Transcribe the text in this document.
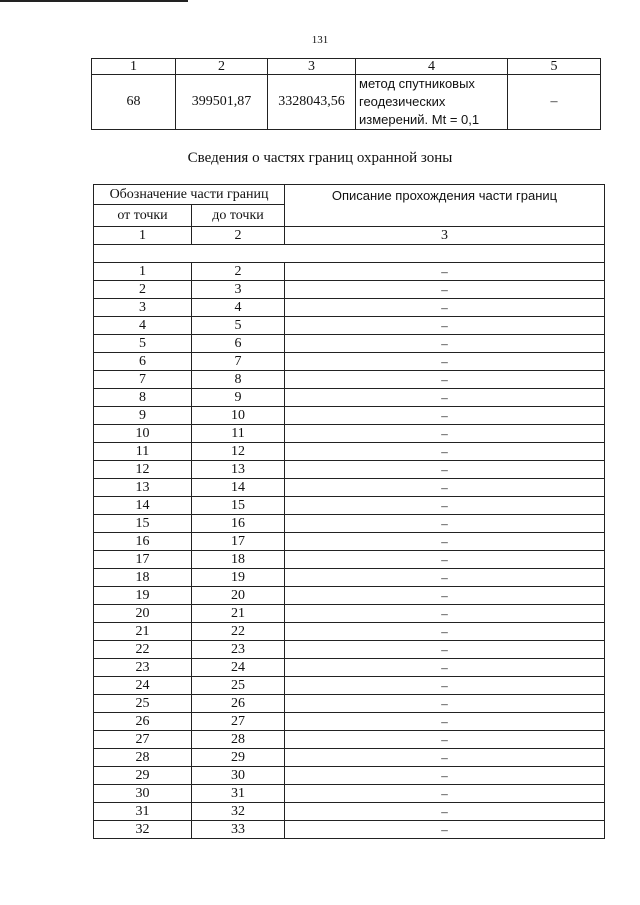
131
1	2	3	4	5
68	399501,87	3328043,56	метод спутниковых
геодезических
измерений. Mt = 0,1	–
Сведения о частях границ охранной зоны
Обозначение части границ		Описание прохождения части границ
от точки	до точки	
1	2	3

1	2	–
2	3	–
3	4	–
4	5	–
5	6	–
6	7	–
7	8	–
8	9	–
9	10	–
10	11	–
11	12	–
12	13	–
13	14	–
14	15	–
15	16	–
16	17	–
17	18	–
18	19	–
19	20	–
20	21	–
21	22	–
22	23	–
23	24	–
24	25	–
25	26	–
26	27	–
27	28	–
28	29	–
29	30	–
30	31	–
31	32	–
32	33	–
